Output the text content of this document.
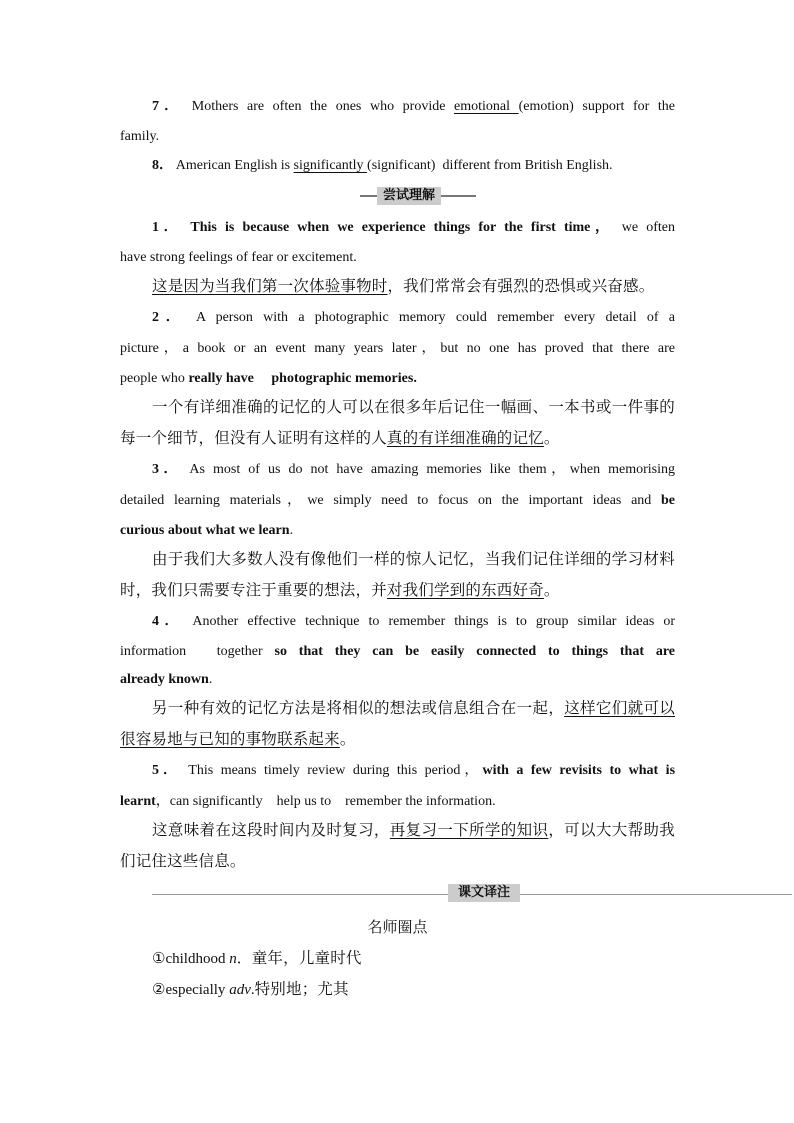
7． Mothers are often the ones who provide emotional (emotion) support for the
family.
8． American English is significantly (significant) different from British English.
尝试理解
1． This is because when we experience things for the first time， we often
have strong feelings of fear or excitement.
这是因为当我们第一次体验事物时，我们常常会有强烈的恐惧或兴奋感。
2． A person with a photographic memory could remember every detail of a
picture，a book or an event many years later，but no one has proved that there are
people who really have　 photographic memories.
一个有详细准确的记忆的人可以在很多年后记住一幅画、一本书或一件事的
每一个细节，但没有人证明有这样的人真的有详细准确的记忆。
3． As most of us do not have amazing memories like them，when memorising
detailed learning materials，we simply need to focus on the important ideas and be
curious about what we learn.
由于我们大多数人没有像他们一样的惊人记忆，当我们记住详细的学习材料
时，我们只需要专注于重要的想法，并对我们学到的东西好奇。
4． Another effective technique to remember things is to group similar ideas or
information　together so that they can be easily connected to things that are
already known.
另一种有效的记忆方法是将相似的想法或信息组合在一起，这样它们就可以
很容易地与已知的事物联系起来。
5． This means timely review during this period，with a few revisits to what is
learnt，can significantly　help us to　remember the information.
这意味着在这段时间内及时复习，再复习一下所学的知识，可以大大帮助我
们记住这些信息。
课文译注
名师圈点
①childhood n．童年，儿童时代
②especially adv.特别地；尤其
